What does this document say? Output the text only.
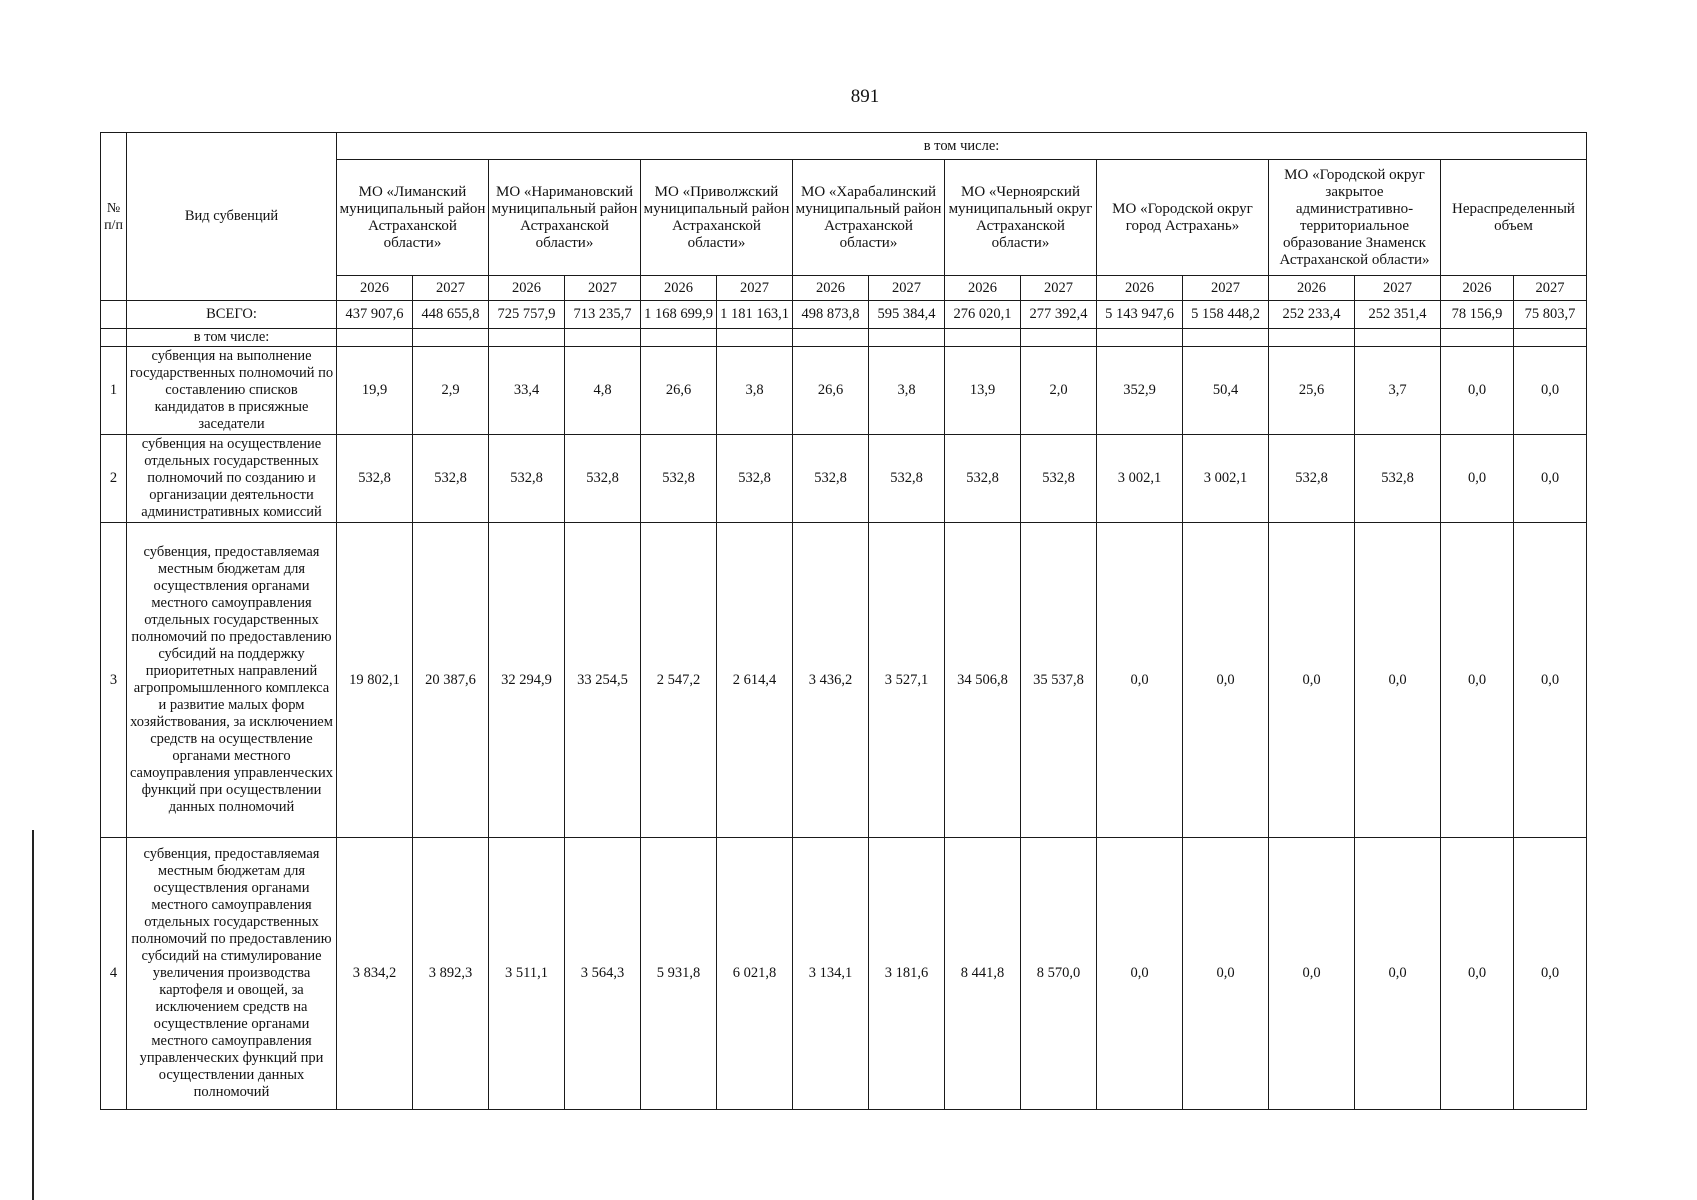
891
№ п/п	Вид субвенций	в том числе:															
		МО «Лиманский муниципальный район Астраханской области»		МО «Наримановский муниципальный район Астраханской области»		МО «Приволжский муниципальный район Астраханской области»		МО «Харабалинский муниципальный район Астраханской области»		МО «Черноярский муниципальный округ Астраханской области»		МО «Городской округ город Астрахань»		МО «Городской округ закрытое административно-территориальное образование Знаменск Астраханской области»		Нераспределенный объем	
		2026	2027	2026	2027	2026	2027	2026	2027	2026	2027	2026	2027	2026	2027	2026	2027
	ВСЕГО:	437 907,6	448 655,8	725 757,9	713 235,7	1 168 699,9	1 181 163,1	498 873,8	595 384,4	276 020,1	277 392,4	5 143 947,6	5 158 448,2	252 233,4	252 351,4	78 156,9	75 803,7
	в том числе:																
1	субвенция на выполнение государственных полномочий по составлению списков кандидатов в присяжные заседатели	19,9	2,9	33,4	4,8	26,6	3,8	26,6	3,8	13,9	2,0	352,9	50,4	25,6	3,7	0,0	0,0
2	субвенция на осуществление отдельных государственных полномочий по созданию и организации деятельности административных комиссий	532,8	532,8	532,8	532,8	532,8	532,8	532,8	532,8	532,8	532,8	3 002,1	3 002,1	532,8	532,8	0,0	0,0
3	субвенция, предоставляемая местным бюджетам для осуществления органами местного самоуправления отдельных государственных полномочий по предоставлению субсидий на поддержку приоритетных направлений агропромышленного комплекса и развитие малых форм хозяйствования, за исключением средств на осуществление органами местного самоуправления управленческих функций при осуществлении данных полномочий	19 802,1	20 387,6	32 294,9	33 254,5	2 547,2	2 614,4	3 436,2	3 527,1	34 506,8	35 537,8	0,0	0,0	0,0	0,0	0,0	0,0
4	субвенция, предоставляемая местным бюджетам для осуществления органами местного самоуправления отдельных государственных полномочий по предоставлению субсидий на стимулирование увеличения производства картофеля и овощей, за исключением средств на осуществление органами местного самоуправления управленческих функций при осуществлении данных полномочий	3 834,2	3 892,3	3 511,1	3 564,3	5 931,8	6 021,8	3 134,1	3 181,6	8 441,8	8 570,0	0,0	0,0	0,0	0,0	0,0	0,0
